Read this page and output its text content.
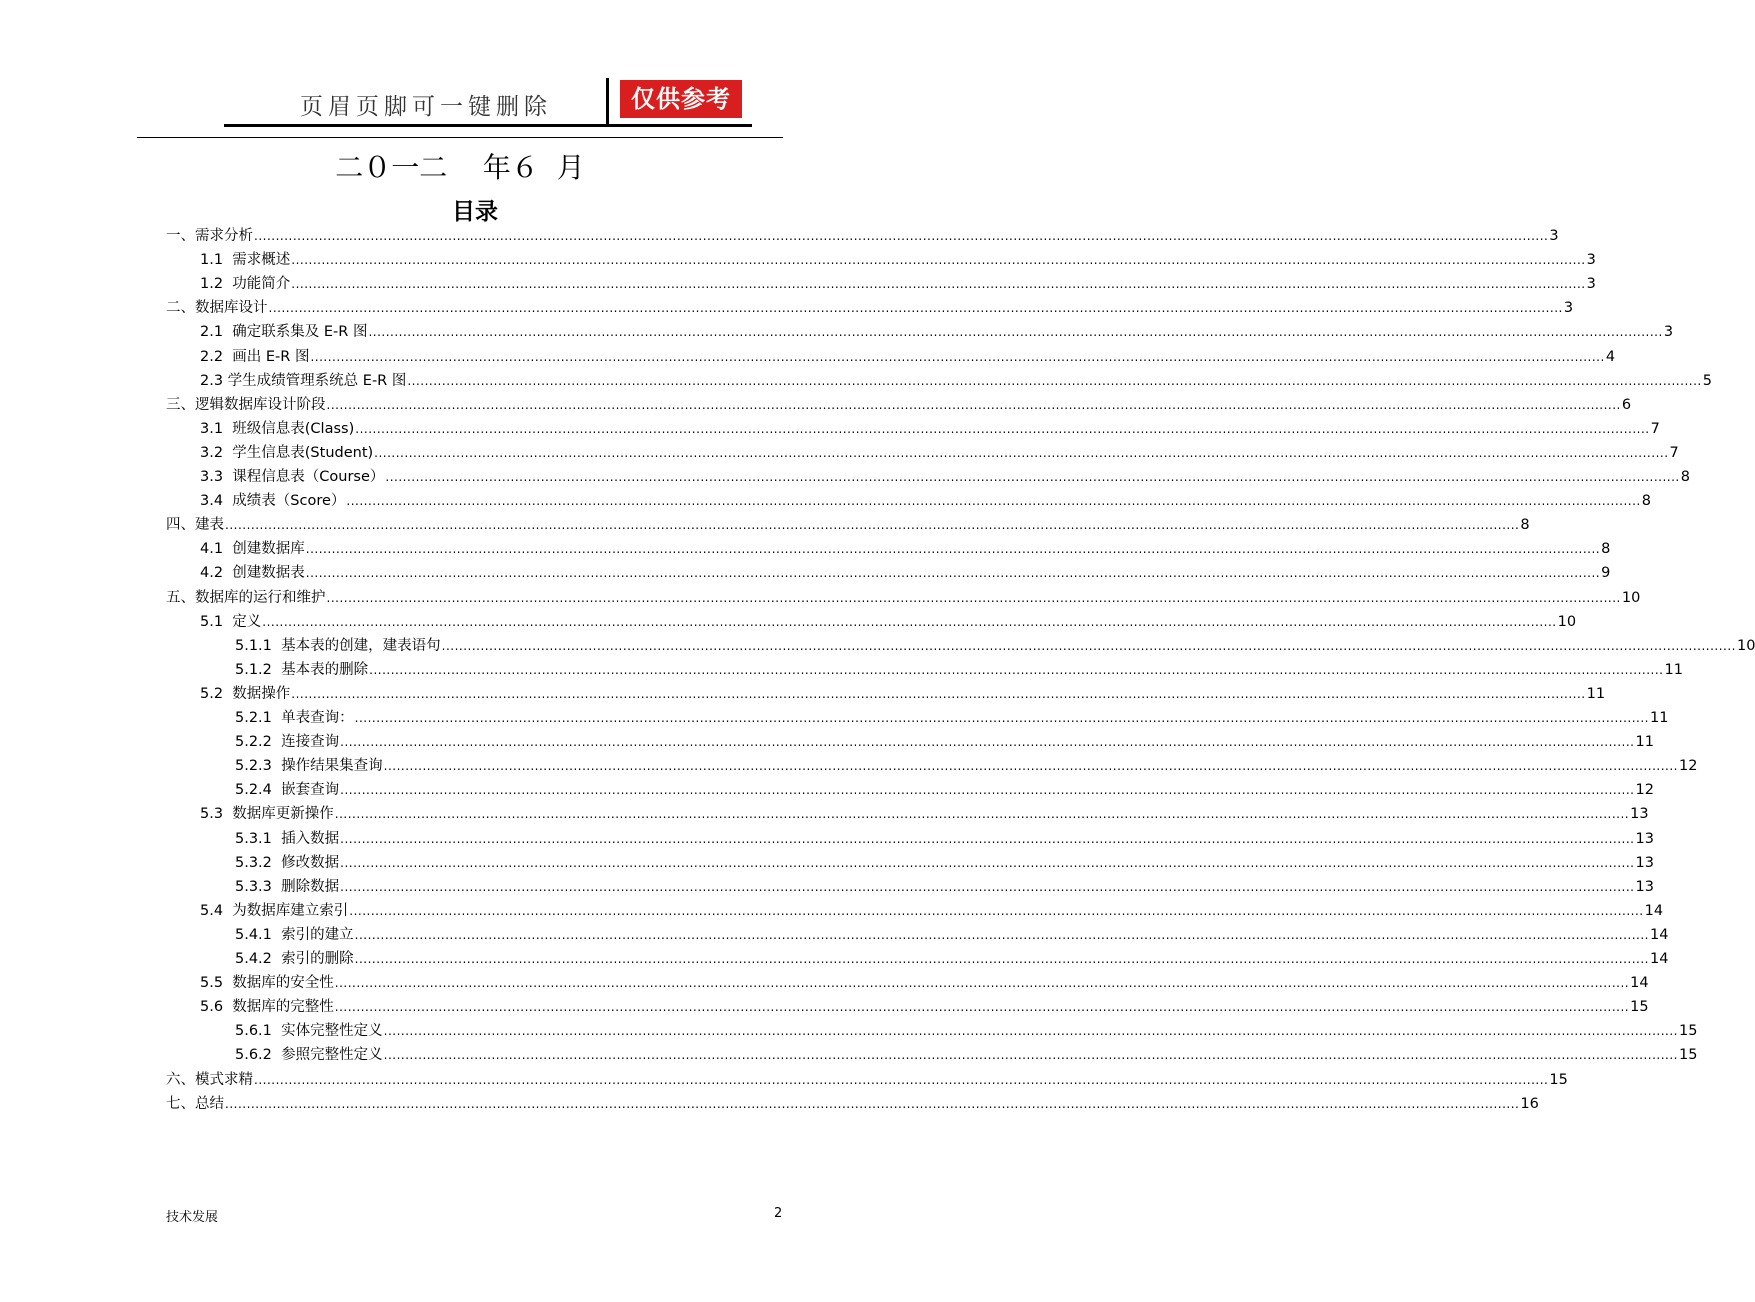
页眉页脚可一键删除	仅供参考
二０一二    年６  月
目录
一、需求分析 ............................................................................................................................................................................................................................................................................................................ 3
1.1  需求概述 ............................................................................................................................................................................................................................................................................................................ 3
1.2  功能简介 ............................................................................................................................................................................................................................................................................................................ 3
二、数据库设计 ............................................................................................................................................................................................................................................................................................................ 3
2.1  确定联系集及 E-R 图 ............................................................................................................................................................................................................................................................................................................ 3
2.2  画出 E-R 图 ............................................................................................................................................................................................................................................................................................................ 4
2.3 学生成绩管理系统总 E-R 图 ............................................................................................................................................................................................................................................................................................................ 5
三、逻辑数据库设计阶段 ............................................................................................................................................................................................................................................................................................................ 6
3.1  班级信息表(Class) ............................................................................................................................................................................................................................................................................................................ 7
3.2  学生信息表(Student) ............................................................................................................................................................................................................................................................................................................ 7
3.3  课程信息表（Course） ............................................................................................................................................................................................................................................................................................................ 8
3.4  成绩表（Score） ............................................................................................................................................................................................................................................................................................................ 8
四、建表 ............................................................................................................................................................................................................................................................................................................ 8
4.1  创建数据库 ............................................................................................................................................................................................................................................................................................................ 8
4.2  创建数据表 ............................................................................................................................................................................................................................................................................................................ 9
五、数据库的运行和维护 ............................................................................................................................................................................................................................................................................................................ 10
5.1  定义 ............................................................................................................................................................................................................................................................................................................ 10
5.1.1  基本表的创建，建表语句 ............................................................................................................................................................................................................................................................................................................ 10
5.1.2  基本表的删除 ............................................................................................................................................................................................................................................................................................................ 11
5.2  数据操作 ............................................................................................................................................................................................................................................................................................................ 11
5.2.1  单表查询： ............................................................................................................................................................................................................................................................................................................ 11
5.2.2  连接查询 ............................................................................................................................................................................................................................................................................................................ 11
5.2.3  操作结果集查询 ............................................................................................................................................................................................................................................................................................................ 12
5.2.4  嵌套查询 ............................................................................................................................................................................................................................................................................................................ 12
5.3  数据库更新操作 ............................................................................................................................................................................................................................................................................................................ 13
5.3.1  插入数据 ............................................................................................................................................................................................................................................................................................................ 13
5.3.2  修改数据 ............................................................................................................................................................................................................................................................................................................ 13
5.3.3  删除数据 ............................................................................................................................................................................................................................................................................................................ 13
5.4  为数据库建立索引 ............................................................................................................................................................................................................................................................................................................ 14
5.4.1  索引的建立 ............................................................................................................................................................................................................................................................................................................ 14
5.4.2  索引的删除 ............................................................................................................................................................................................................................................................................................................ 14
5.5  数据库的安全性 ............................................................................................................................................................................................................................................................................................................ 14
5.6  数据库的完整性 ............................................................................................................................................................................................................................................................................................................ 15
5.6.1  实体完整性定义 ............................................................................................................................................................................................................................................................................................................ 15
5.6.2  参照完整性定义 ............................................................................................................................................................................................................................................................................................................ 15
六、模式求精 ............................................................................................................................................................................................................................................................................................................ 15
七、总结 ............................................................................................................................................................................................................................................................................................................ 16
技术发展	2
